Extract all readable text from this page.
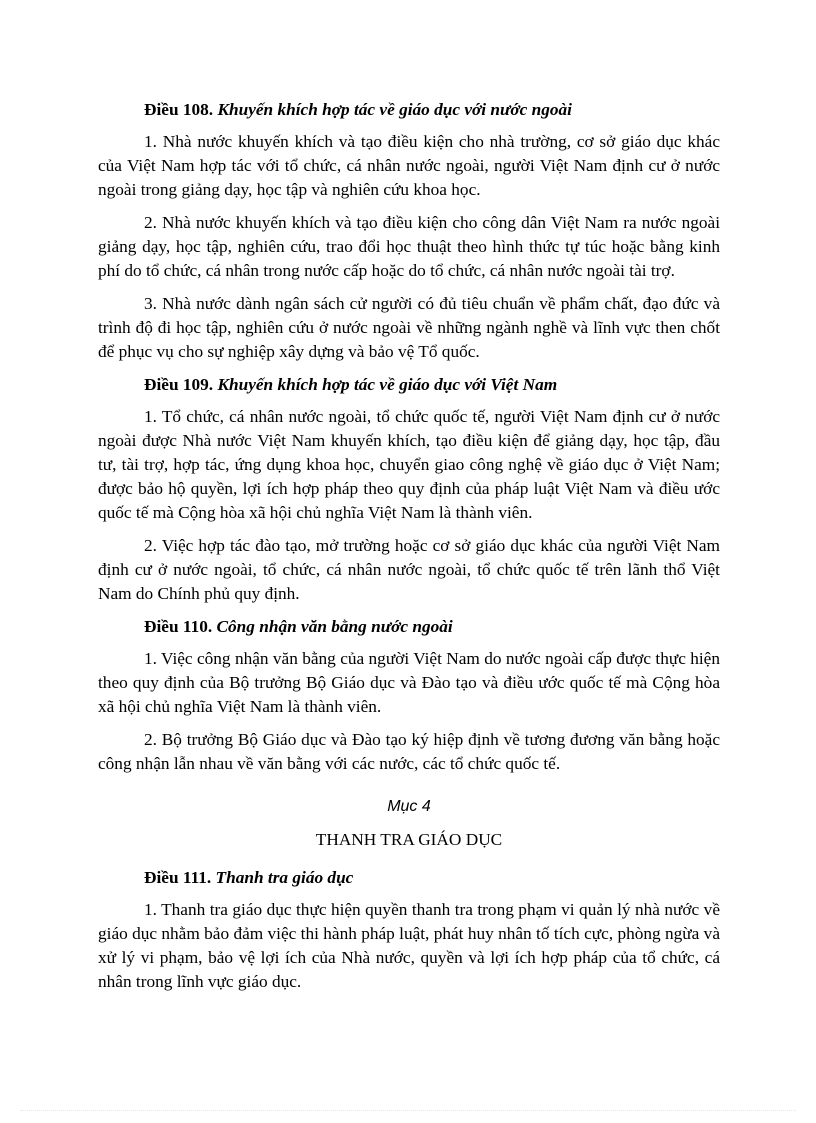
Điều 108. Khuyến khích hợp tác về giáo dục với nước ngoài

1. Nhà nước khuyến khích và tạo điều kiện cho nhà trường, cơ sở giáo dục khác của Việt Nam hợp tác với tổ chức, cá nhân nước ngoài, người Việt Nam định cư ở nước ngoài trong giảng dạy, học tập và nghiên cứu khoa học.

2. Nhà nước khuyến khích và tạo điều kiện cho công dân Việt Nam ra nước ngoài giảng dạy, học tập, nghiên cứu, trao đổi học thuật theo hình thức tự túc hoặc bằng kinh phí do tổ chức, cá nhân trong nước cấp hoặc do tổ chức, cá nhân nước ngoài tài trợ.

3. Nhà nước dành ngân sách cử người có đủ tiêu chuẩn về phẩm chất, đạo đức và trình độ đi học tập, nghiên cứu ở nước ngoài về những ngành nghề và lĩnh vực then chốt để phục vụ cho sự nghiệp xây dựng và bảo vệ Tổ quốc.

Điều 109. Khuyến khích hợp tác về giáo dục với Việt Nam

1. Tổ chức, cá nhân nước ngoài, tổ chức quốc tế, người Việt Nam định cư ở nước ngoài được Nhà nước Việt Nam khuyến khích, tạo điều kiện để giảng dạy, học tập, đầu tư, tài trợ, hợp tác, ứng dụng khoa học, chuyển giao công nghệ về giáo dục ở Việt Nam; được bảo hộ quyền, lợi ích hợp pháp theo quy định của pháp luật Việt Nam và điều ước quốc tế mà Cộng hòa xã hội chủ nghĩa Việt Nam là thành viên.

2. Việc hợp tác đào tạo, mở trường hoặc cơ sở giáo dục khác của người Việt Nam định cư ở nước ngoài, tổ chức, cá nhân nước ngoài, tổ chức quốc tế trên lãnh thổ Việt Nam do Chính phủ quy định.

Điều 110. Công nhận văn bằng nước ngoài

1. Việc công nhận văn bằng của người Việt Nam do nước ngoài cấp được thực hiện theo quy định của Bộ trưởng Bộ Giáo dục và Đào tạo và điều ước quốc tế mà Cộng hòa xã hội chủ nghĩa Việt Nam là thành viên.

2. Bộ trưởng Bộ Giáo dục và Đào tạo ký hiệp định về tương đương văn bằng hoặc công nhận lẫn nhau về văn bằng với các nước, các tổ chức quốc tế.

Mục 4
THANH TRA GIÁO DỤC
Điều 111. Thanh tra giáo dục

1. Thanh tra giáo dục thực hiện quyền thanh tra trong phạm vi quản lý nhà nước về giáo dục nhằm bảo đảm việc thi hành pháp luật, phát huy nhân tố tích cực, phòng ngừa và xử lý vi phạm, bảo vệ lợi ích của Nhà nước, quyền và lợi ích hợp pháp của tổ chức, cá nhân trong lĩnh vực giáo dục.
